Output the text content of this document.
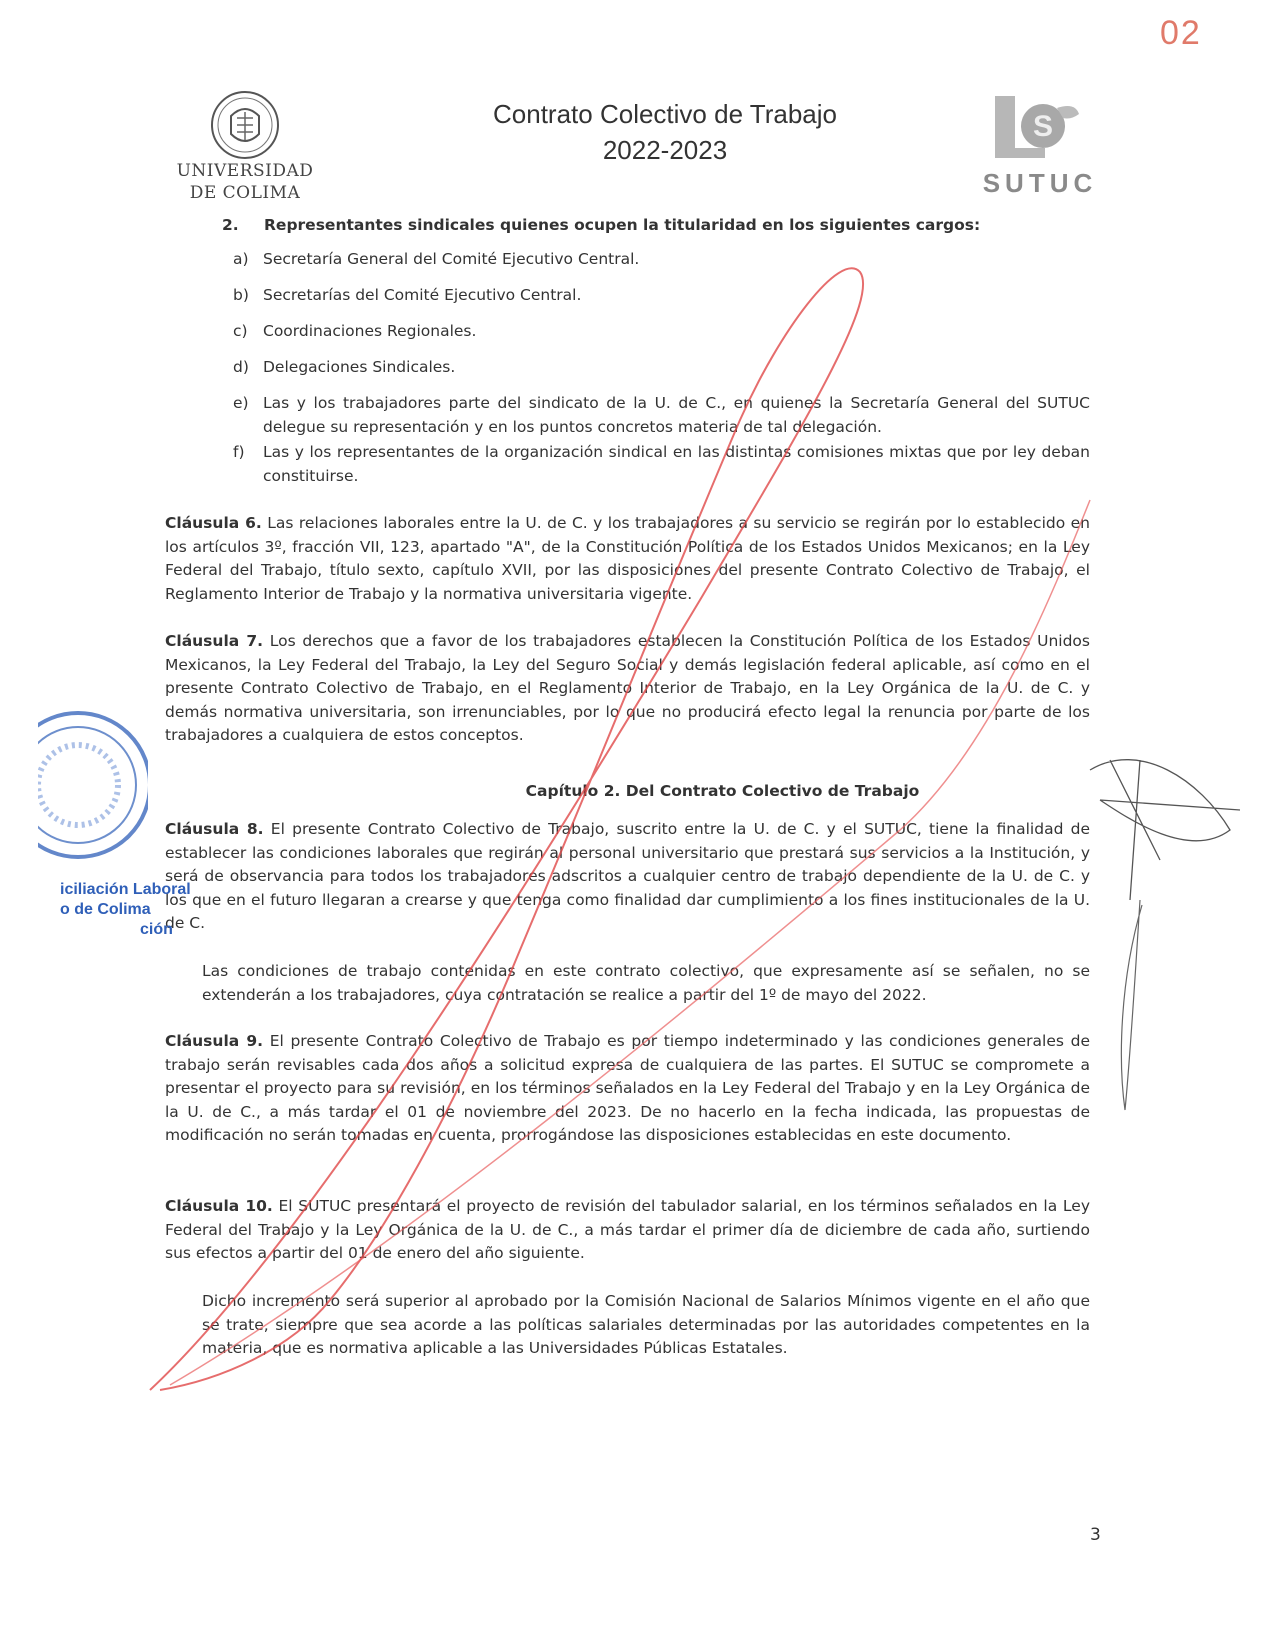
02
UNIVERSIDAD
DE COLIMA
Contrato Colectivo de Trabajo
2022-2023
S
SUTUC
2. Representantes sindicales quienes ocupen la titularidad en los siguientes cargos:
a) Secretaría General del Comité Ejecutivo Central.
b) Secretarías del Comité Ejecutivo Central.
c) Coordinaciones Regionales.
d) Delegaciones Sindicales.
e) Las y los trabajadores parte del sindicato de la U. de C., en quienes la Secretaría General del SUTUC delegue su representación y en los puntos concretos materia de tal delegación.
f)	Las y los representantes de la organización sindical en las distintas comisiones mixtas que por ley deban constituirse.
Cláusula 6. Las relaciones laborales entre la U. de C. y los trabajadores a su servicio se regirán por lo establecido en los artículos 3º, fracción VII, 123, apartado "A", de la Constitución Política de los Estados Unidos Mexicanos; en la Ley Federal del Trabajo, título sexto, capítulo XVII, por las disposiciones del presente Contrato Colectivo de Trabajo, el Reglamento Interior de Trabajo y la normativa universitaria vigente.
Cláusula 7. Los derechos que a favor de los trabajadores establecen la Constitución Política de los Estados Unidos Mexicanos, la Ley Federal del Trabajo, la Ley del Seguro Social y demás legislación federal aplicable, así como en el presente Contrato Colectivo de Trabajo, en el Reglamento Interior de Trabajo, en la Ley Orgánica de la U. de C. y demás normativa universitaria, son irrenunciables, por lo que no producirá efecto legal la renuncia por parte de los trabajadores a cualquiera de estos conceptos.
Capítulo 2. Del Contrato Colectivo de Trabajo
Cláusula 8. El presente Contrato Colectivo de Trabajo, suscrito entre la U. de C. y el SUTUC, tiene la finalidad de establecer las condiciones laborales que regirán al personal universitario que prestará sus servicios a la Institución, y será de observancia para todos los trabajadores adscritos a cualquier centro de trabajo dependiente de la U. de C. y los que en el futuro llegaran a crearse y que tenga como finalidad dar cumplimiento a los fines institucionales de la U. de C.
Las condiciones de trabajo contenidas en este contrato colectivo, que expresamente así se señalen, no se extenderán a los trabajadores, cuya contratación se realice a partir del 1º de mayo del 2022.
Cláusula 9. El presente Contrato Colectivo de Trabajo es por tiempo indeterminado y las condiciones generales de trabajo serán revisables cada dos años a solicitud expresa de cualquiera de las partes. El SUTUC se compromete a presentar el proyecto para su revisión, en los términos señalados en la Ley Federal del Trabajo y en la Ley Orgánica de la U. de C., a más tardar el 01 de noviembre del 2023. De no hacerlo en la fecha indicada, las propuestas de modificación no serán tomadas en cuenta, prorrogándose las disposiciones establecidas en este documento.
Cláusula 10. El SUTUC presentará el proyecto de revisión del tabulador salarial, en los términos señalados en la Ley Federal del Trabajo y la Ley Orgánica de la U. de C., a más tardar el primer día de diciembre de cada año, surtiendo sus efectos a partir del 01 de enero del año siguiente.
Dicho incremento será superior al aprobado por la Comisión Nacional de Salarios Mínimos vigente en el año que se trate, siempre que sea acorde a las políticas salariales determinadas por las autoridades competentes en la materia, que es normativa aplicable a las Universidades Públicas Estatales.
iciliación Laboral
o de Colima
ción
3
